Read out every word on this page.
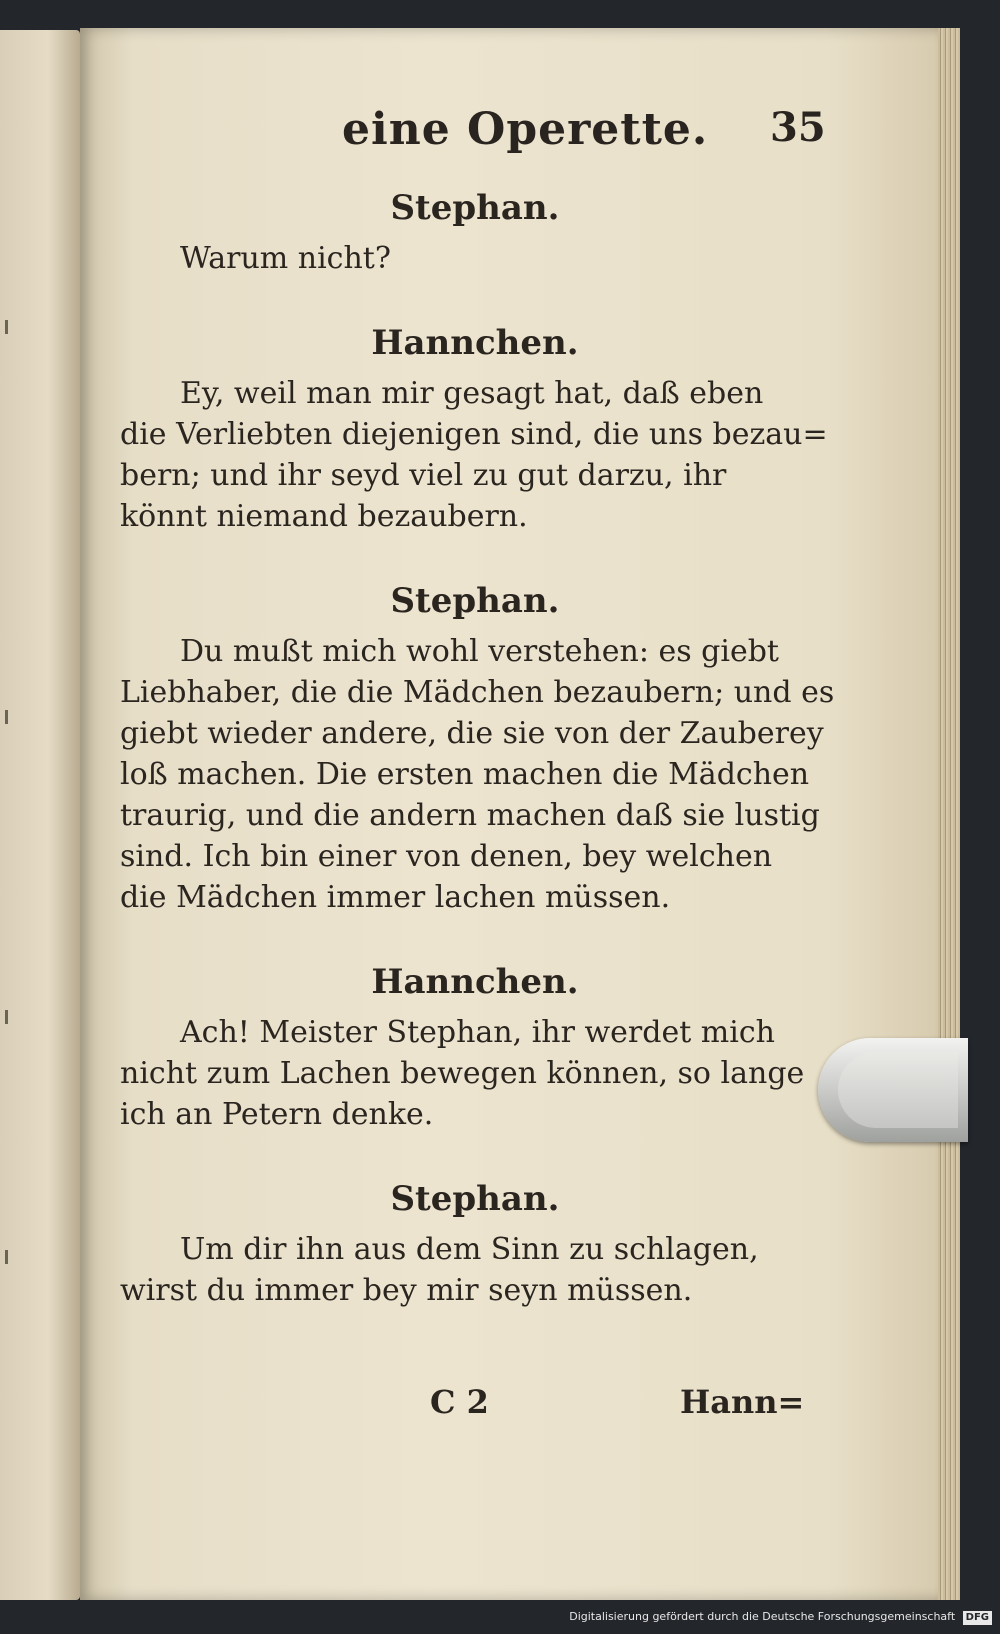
eine Operette. 35

Stephan.

Warum nicht?

Hannchen.

Ey, weil man mir gesagt hat, daß eben
die Verliebten diejenigen sind, die uns bezau=
bern; und ihr seyd viel zu gut darzu, ihr
könnt niemand bezaubern.

Stephan.

Du mußt mich wohl verstehen: es giebt
Liebhaber, die die Mädchen bezaubern; und es
giebt wieder andere, die sie von der Zauberey
loß machen. Die ersten machen die Mädchen
traurig, und die andern machen daß sie lustig
sind. Ich bin einer von denen, bey welchen
die Mädchen immer lachen müssen.

Hannchen.

Ach! Meister Stephan, ihr werdet mich
nicht zum Lachen bewegen können, so lange
ich an Petern denke.

Stephan.

Um dir ihn aus dem Sinn zu schlagen,
wirst du immer bey mir seyn müssen.

C 2	Hann=
Digitalisierung gefördert durch die Deutsche Forschungsgemeinschaft DFG
